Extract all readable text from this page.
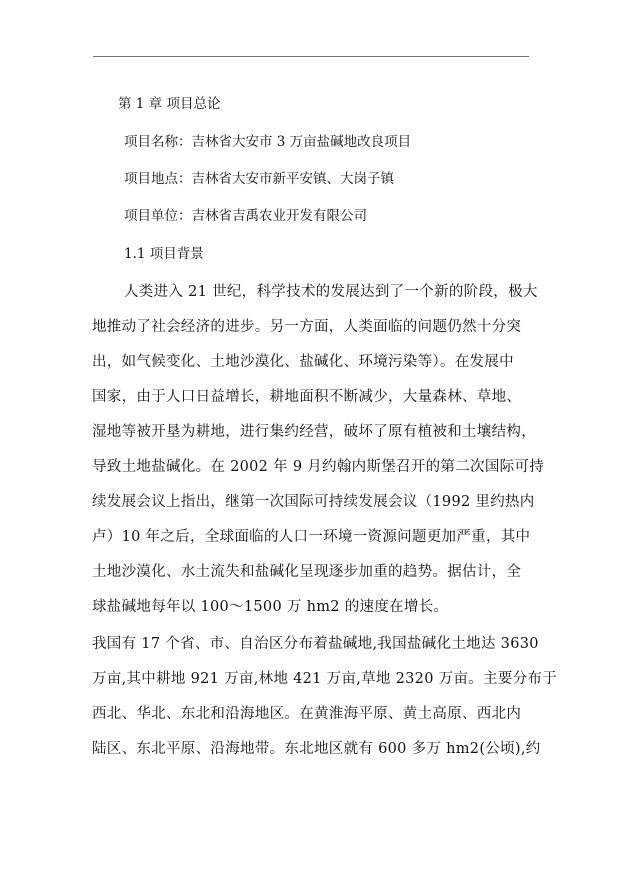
第 1 章 项目总论
项目名称：吉林省大安市 3 万亩盐碱地改良项目
项目地点：吉林省大安市新平安镇、大岗子镇
项目单位：吉林省吉禹农业开发有限公司
1.1 项目背景
人类进入 21 世纪，科学技术的发展达到了一个新的阶段，极大
地推动了社会经济的进步。另一方面，人类面临的问题仍然十分突
出，如气候变化、土地沙漠化、盐碱化、环境污染等）。在发展中
国家，由于人口日益增长，耕地面积不断减少，大量森林、草地、
湿地等被开垦为耕地，进行集约经营，破坏了原有植被和土壤结构，
导致土地盐碱化。在 2002 年 9 月约翰内斯堡召开的第二次国际可持
续发展会议上指出，继第一次国际可持续发展会议（1992 里约热内
卢）10 年之后，全球面临的人口一环境一资源问题更加严重，其中
土地沙漠化、水土流失和盐碱化呈现逐步加重的趋势。据估计，全
球盐碱地每年以 100～1500 万 hm2 的速度在增长。
我国有 17 个省、市、自治区分布着盐碱地,我国盐碱化土地达 3630
万亩,其中耕地 921 万亩,林地 421 万亩,草地 2320 万亩。主要分布于
西北、华北、东北和沿海地区。在黄淮海平原、黄土高原、西北内
陆区、东北平原、沿海地带。东北地区就有 600 多万 hm2(公顷),约
